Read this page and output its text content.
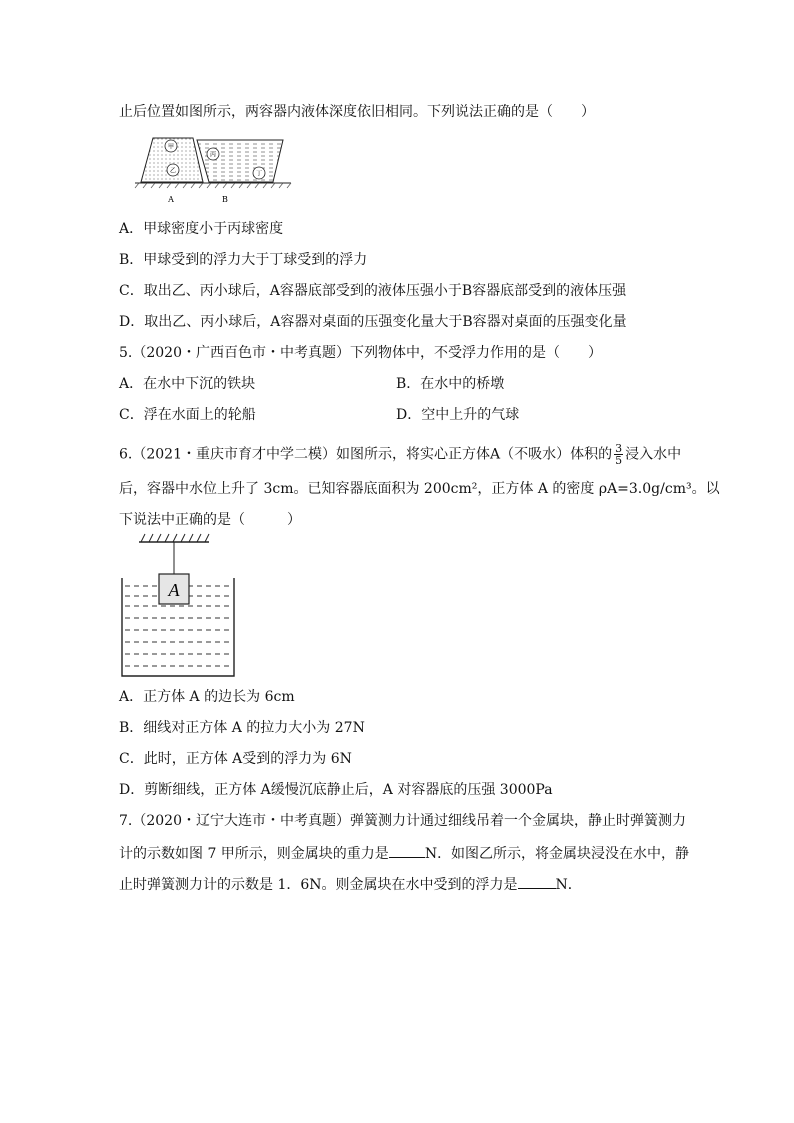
止后位置如图所示，两容器内液体深度依旧相同。下列说法正确的是（　　）
甲
乙
丙
丁
A	B
A．甲球密度小于丙球密度
B．甲球受到的浮力大于丁球受到的浮力
C．取出乙、丙小球后，A容器底部受到的液体压强小于B容器底部受到的液体压强
D．取出乙、丙小球后，A容器对桌面的压强变化量大于B容器对桌面的压强变化量
5.（2020・广西百色市・中考真题）下列物体中，不受浮力作用的是（　　）
A．在水中下沉的铁块	B．在水中的桥墩
C．浮在水面上的轮船	D．空中上升的气球
6.（2021・重庆市育才中学二模）如图所示，将实心正方体A（不吸水）体积的 $\frac{3}{5}$ 浸入水中
后，容器中水位上升了 3cm。已知容器底面积为 200cm²，正方体 A 的密度 ρA=3.0g/cm³。以
下说法中正确的是（　　　）
A
A．正方体 A 的边长为 6cm
B．细线对正方体 A 的拉力大小为 27N
C．此时，正方体 A受到的浮力为 6N
D．剪断细线，正方体 A缓慢沉底静止后，A 对容器底的压强 3000Pa
7.（2020・辽宁大连市・中考真题）弹簧测力计通过细线吊着一个金属块，静止时弹簧测力
计的示数如图 7 甲所示，则金属块的重力是	N．如图乙所示，将金属块浸没在水中，静
止时弹簧测力计的示数是 1．6N。则金属块在水中受到的浮力是	N．
